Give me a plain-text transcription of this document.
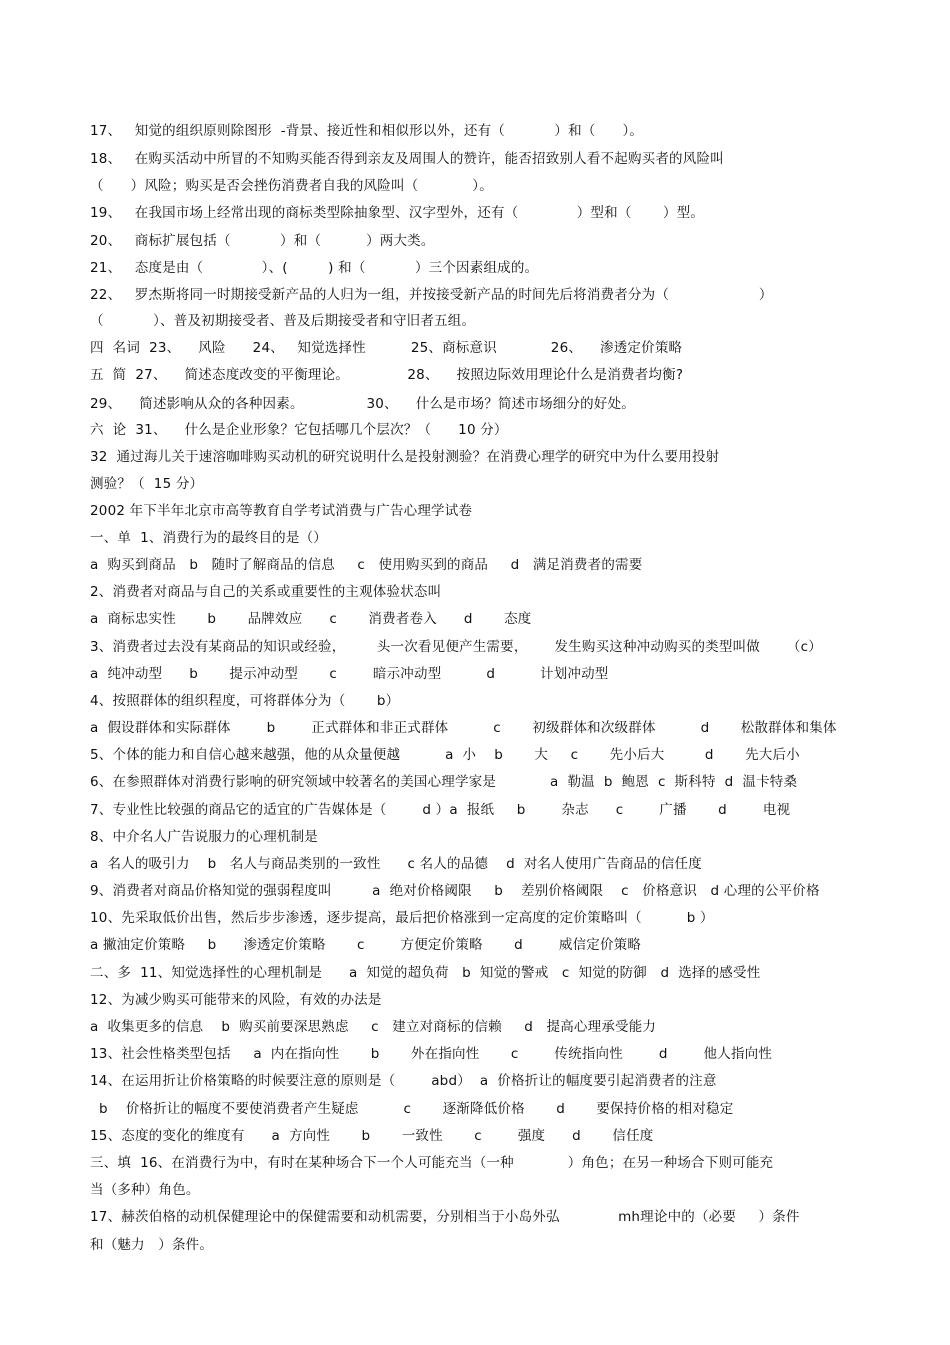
17、   知觉的组织原则除图形  -背景、接近性和相似形以外，还有（           ）和（      ）。
18、   在购买活动中所冒的不知购买能否得到亲友及周围人的赞许，能否招致别人看不起购买者的风险叫
（      ）风险；购买是否会挫伤消费者自我的风险叫（            ）。
19、   在我国市场上经常出现的商标类型除抽象型、汉字型外，还有（             ）型和（       ）型。
20、   商标扩展包括（           ）和（          ）两大类。
21、   态度是由（             ）、(         ) 和（           ）三个因素组成的。
22、   罗杰斯将同一时期接受新产品的人归为一组，并按接受新产品的时间先后将消费者分为（                    ）
（           ）、普及初期接受者、普及后期接受者和守旧者五组。
四  名词  23、    风险      24、   知觉选择性          25、商标意识            26、    渗透定价策略
五  简  27、    简述态度改变的平衡理论。             28、    按照边际效用理论什么是消费者均衡?
29、    简述影响从众的各种因素。              30、    什么是市场？简述市场细分的好处。
六  论  31、    什么是企业形象？它包括哪几个层次？（      10 分）
32  通过海儿关于速溶咖啡购买动机的研究说明什么是投射测验？在消费心理学的研究中为什么要用投射
测验？（  15 分）
2002 年下半年北京市高等教育自学考试消费与广告心理学试卷
一、单  1、消费行为的最终目的是（）
a  购买到商品   b   随时了解商品的信息     c   使用购买到的商品     d   满足消费者的需要
2、消费者对商品与自己的关系或重要性的主观体验状态叫
a  商标忠实性       b       品牌效应      c       消费者卷入      d       态度
3、消费者过去没有某商品的知识或经验，       头一次看见便产生需要，      发生购买这种冲动购买的类型叫做      （c）
a  纯冲动型      b       提示冲动型       c        暗示冲动型          d          计划冲动型
4、按照群体的组织程度，可将群体分为（       b）
a  假设群体和实际群体        b        正式群体和非正式群体          c       初级群体和次级群体          d       松散群体和集体
5、个体的能力和自信心越来越强，他的从众量便越          a  小    b       大     c       先小后大         d       先大后小
6、在参照群体对消费行影响的研究领域中较著名的美国心理学家是            a  勒温  b  鲍恩  c  斯科特  d  温卡特桑
7、专业性比较强的商品它的适宜的广告媒体是（        d ）a  报纸     b        杂志      c        广播       d        电视
8、中介名人广告说服力的心理机制是
a  名人的吸引力    b   名人与商品类别的一致性      c 名人的品德    d  对名人使用广告商品的信任度
9、消费者对商品价格知觉的强弱程度叫         a  绝对价格阈限     b    差别价格阈限    c   价格意识   d 心理的公平价格
10、先采取低价出售，然后步步渗透，逐步提高，最后把价格涨到一定高度的定价策略叫（          b ）
a 撇油定价策略     b      渗透定价策略       c        方便定价策略       d        威信定价策略
二、多  11、知觉选择性的心理机制是      a  知觉的超负荷   b  知觉的警戒   c  知觉的防御   d  选择的感受性
12、为减少购买可能带来的风险，有效的办法是
a  收集更多的信息    b  购买前要深思熟虑     c   建立对商标的信赖     d   提高心理承受能力
13、社会性格类型包括     a  内在指向性       b       外在指向性       c        传统指向性        d        他人指向性
14、在运用折让价格策略的时候要注意的原则是（        abd）  a  价格折让的幅度要引起消费者的注意
b    价格折让的幅度不要使消费者产生疑虑          c       逐渐降低价格       d       要保持价格的相对稳定
15、态度的变化的维度有      a  方向性       b       一致性       c        强度      d       信任度
三、填  16、在消费行为中，有时在某种场合下一个人可能充当（一种            ）角色；在另一种场合下则可能充
当（多种）角色。
17、赫茨伯格的动机保健理论中的保健需要和动机需要，分别相当于小岛外弘             mh理论中的（必要     ）条件
和（魅力   ）条件。
